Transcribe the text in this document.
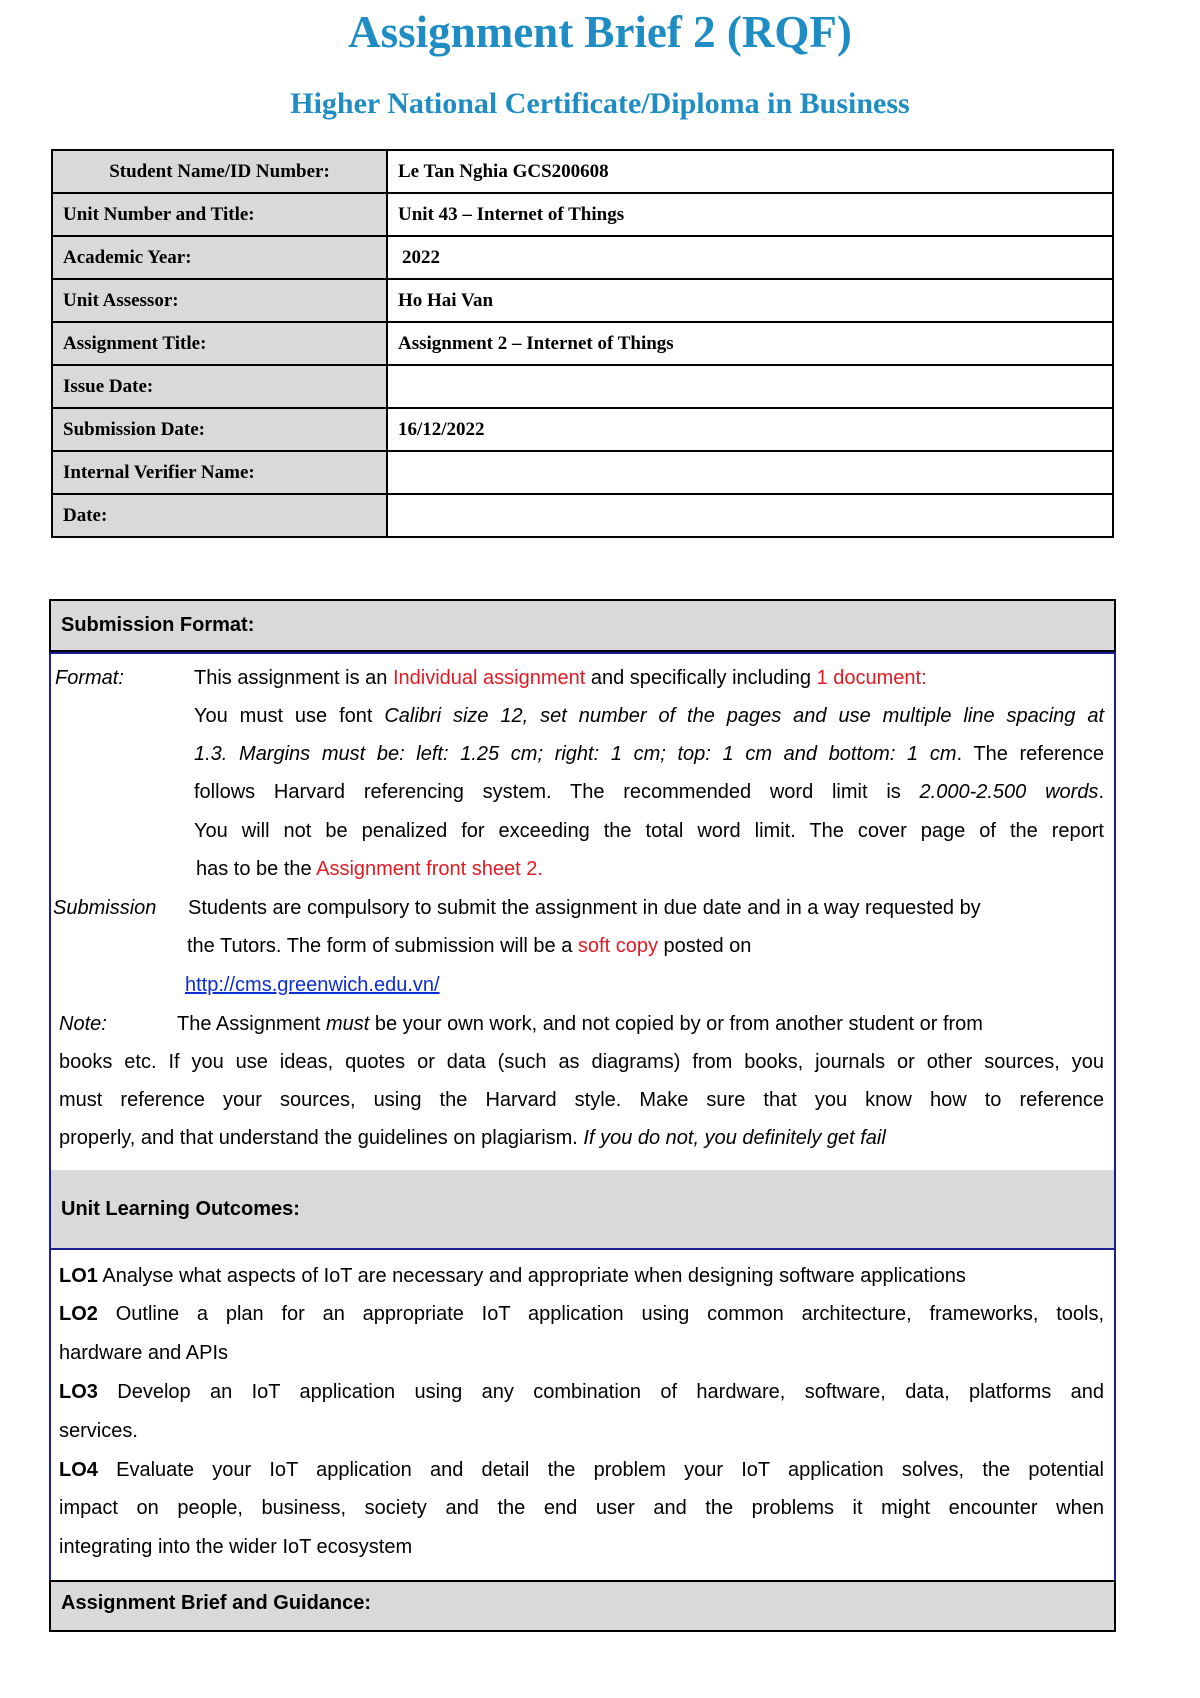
Assignment Brief 2 (RQF)
Higher National Certificate/Diploma in Business
Student Name/ID Number:	Le Tan Nghia GCS200608
Unit Number and Title:	Unit 43 – Internet of Things
Academic Year:	2022
Unit Assessor:	Ho Hai Van
Assignment Title:	Assignment 2 – Internet of Things
Issue Date:	
Submission Date:	16/12/2022
Internal Verifier Name:	
Date:	
Submission Format:
Format:	This assignment is an Individual assignment and specifically including 1 document:
You must use font Calibri size 12, set number of the pages and use multiple line spacing at
1.3. Margins must be: left: 1.25 cm; right: 1 cm; top: 1 cm and bottom: 1 cm. The reference
follows Harvard referencing system. The recommended word limit is 2.000-2.500 words.
You will not be penalized for exceeding the total word limit. The cover page of the report
has to be the Assignment front sheet 2.
Submission Students are compulsory to submit the assignment in due date and in a way requested by
the Tutors. The form of submission will be a soft copy posted on
http://cms.greenwich.edu.vn/
Note:	The Assignment must be your own work, and not copied by or from another student or from
books etc. If you use ideas, quotes or data (such as diagrams) from books, journals or other sources, you
must reference your sources, using the Harvard style. Make sure that you know how to reference
properly, and that understand the guidelines on plagiarism. If you do not, you definitely get fail
Unit Learning Outcomes:
LO1 Analyse what aspects of IoT are necessary and appropriate when designing software applications
LO2 Outline a plan for an appropriate IoT application using common architecture, frameworks, tools,
hardware and APIs
LO3 Develop an IoT application using any combination of hardware, software, data, platforms and
services.
LO4 Evaluate your IoT application and detail the problem your IoT application solves, the potential
impact on people, business, society and the end user and the problems it might encounter when
integrating into the wider IoT ecosystem
Assignment Brief and Guidance:
